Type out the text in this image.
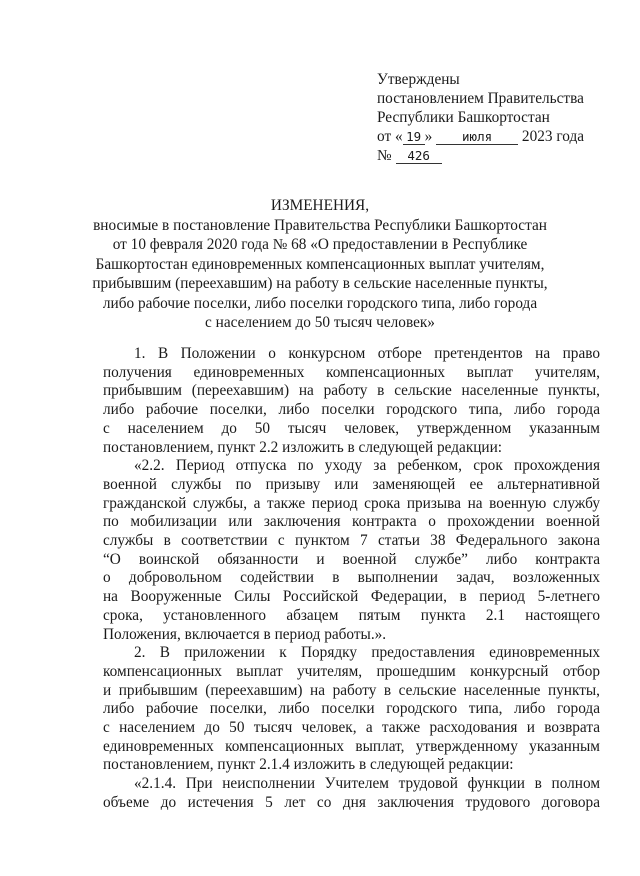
Утверждены
постановлением Правительства
Республики Башкортостан
от « 19 » июля 2023 года
№ 426
ИЗМЕНЕНИЯ,
вносимые в постановление Правительства Республики Башкортостан
от 10 февраля 2020 года № 68 «О предоставлении в Республике
Башкортостан единовременных компенсационных выплат учителям,
прибывшим (переехавшим) на работу в сельские населенные пункты,
либо рабочие поселки, либо поселки городского типа, либо города
с населением до 50 тысяч человек»

1. В Положении о конкурсном отборе претендентов на право
получения единовременных компенсационных выплат учителям,
прибывшим (переехавшим) на работу в сельские населенные пункты,
либо рабочие поселки, либо поселки городского типа, либо города
с населением до 50 тысяч человек, утвержденном указанным
постановлением, пункт 2.2 изложить в следующей редакции:

«2.2. Период отпуска по уходу за ребенком, срок прохождения
военной службы по призыву или заменяющей ее альтернативной
гражданской службы, а также период срока призыва на военную службу
по мобилизации или заключения контракта о прохождении военной
службы в соответствии с пунктом 7 статьи 38 Федерального закона
“О воинской обязанности и военной службе” либо контракта
о добровольном содействии в выполнении задач, возложенных
на Вооруженные Силы Российской Федерации, в период 5-летнего
срока, установленного абзацем пятым пункта 2.1 настоящего
Положения, включается в период работы.».

2. В приложении к Порядку предоставления единовременных
компенсационных выплат учителям, прошедшим конкурсный отбор
и прибывшим (переехавшим) на работу в сельские населенные пункты,
либо рабочие поселки, либо поселки городского типа, либо города
с населением до 50 тысяч человек, а также расходования и возврата
единовременных компенсационных выплат, утвержденному указанным
постановлением, пункт 2.1.4 изложить в следующей редакции:

«2.1.4. При неисполнении Учителем трудовой функции в полном
объеме до истечения 5 лет со дня заключения трудового договора
